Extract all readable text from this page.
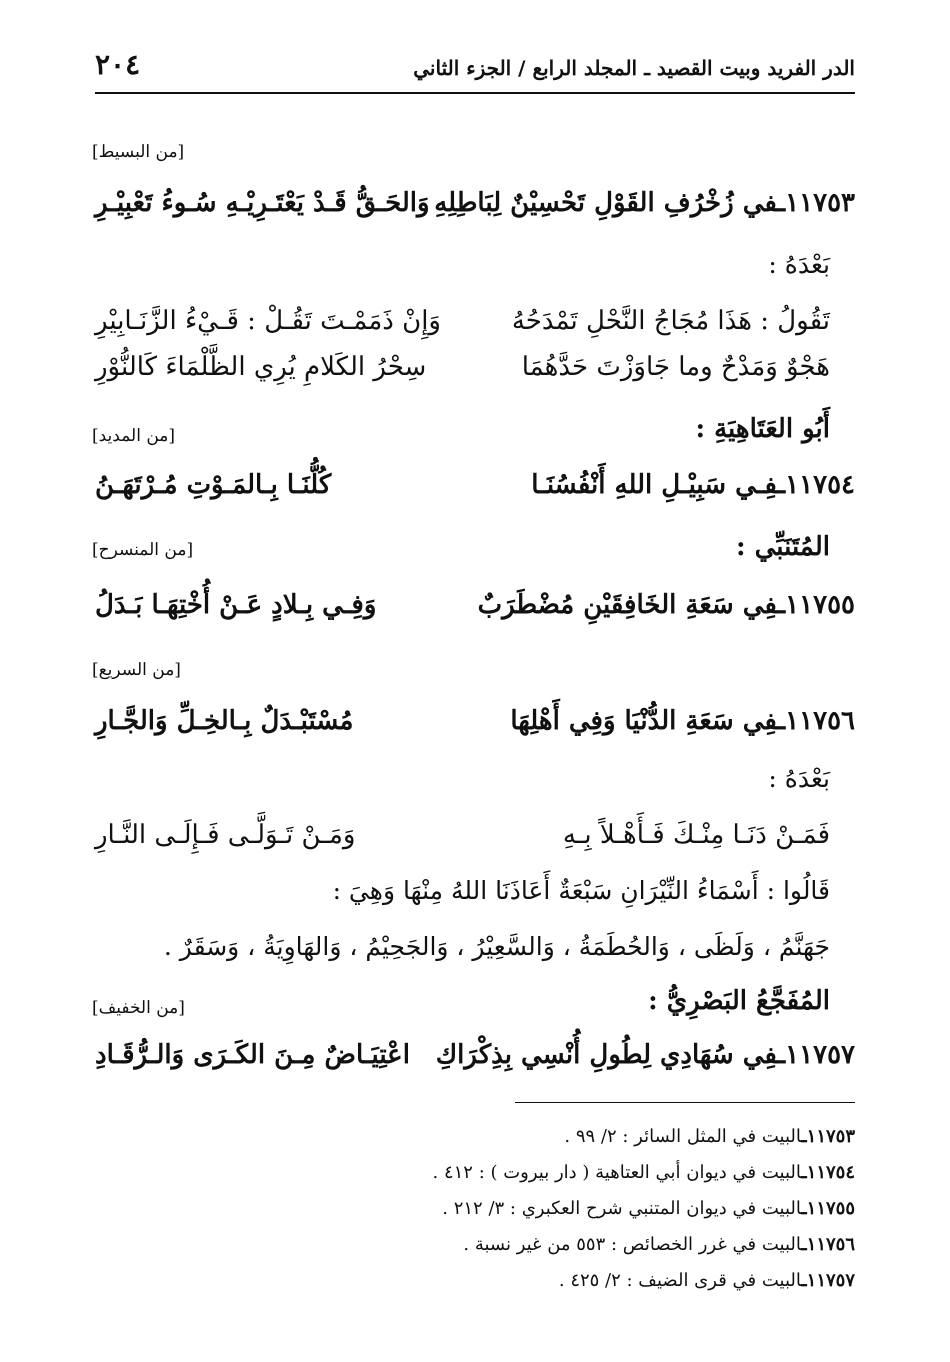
الدر الفريد وبيت القصيد ـ المجلد الرابع / الجزء الثاني
٢٠٤
[من البسيط]
١١٧٥٣ـفي زُخْرُفِ القَوْلِ تَحْسِيْنٌ لِبَاطِلِهِ
وَالحَـقُّ قَـدْ يَعْتَـرِيْـهِ سُـوءُ تَعْبِيْـرِ
بَعْدَهُ :
تَقُولُ : هَذَا مُجَاجُ النَّحْلِ تَمْدَحُهُ
وَإِنْ ذَمَمْـتَ تَقُـلْ : قَـيْءُ الزَّنَـابِيْرِ
هَجْوٌ وَمَدْحٌ وما جَاوَزْتَ حَدَّهُمَا
سِحْرُ الكَلامِ يُرِي الظَّلْمَاءَ كَالنُّوْرِ
أَبُو العَتَاهِيَةِ :
[من المديد]
١١٧٥٤ـفِـي سَبِيْـلِ اللهِ أَنْفُسُنَـا
كُلُّنَـا بِـالمَـوْتِ مُـرْتَهَـنُ
المُتَنَبِّي :
[من المنسرح]
١١٧٥٥ـفِي سَعَةِ الخَافِقَيْنِ مُضْطَرَبٌ
وَفِـي بِـلادٍ عَـنْ أُخْتِهَـا بَـدَلُ
[من السريع]
١١٧٥٦ـفِي سَعَةِ الدُّنْيَا وَفِي أَهْلِهَا
مُسْتَبْـدَلٌ بِـالخِـلِّ وَالجَّـارِ
بَعْدَهُ :
فَمَـنْ دَنَـا مِنْـكَ فَـأَهْـلاً بِـهِ
وَمَـنْ تَـوَلَّـى فَـإِلَـى النَّـارِ
قَالُوا : أَسْمَاءُ النِّيْرَانِ سَبْعَةٌ أَعَاذَنَا اللهُ مِنْهَا وَهِيَ :
جَهَنَّمُ ، وَلَظَى ، وَالحُطَمَةُ ، وَالسَّعِيْرُ ، وَالجَحِيْمُ ، وَالهَاوِيَةُ ، وَسَقَرٌ .
المُفَجَّعُ البَصْرِيُّ :
[من الخفيف]
١١٧٥٧ـفِي سُهَادِي لِطُولِ أُنْسِي بِذِكْرَاكِ
اعْتِيَـاضٌ مِـنَ الكَـرَى وَالـرُّقَـادِ
١١٧٥٣ـالبيت في المثل السائر : ٢/ ٩٩ .
١١٧٥٤ـالبيت في ديوان أبي العتاهية ( دار بيروت ) : ٤١٢ .
١١٧٥٥ـالبيت في ديوان المتنبي شرح العكبري : ٣/ ٢١٢ .
١١٧٥٦ـالبيت في غرر الخصائص : ٥٥٣ من غير نسبة .
١١٧٥٧ـالبيت في قرى الضيف : ٢/ ٤٢٥ .
